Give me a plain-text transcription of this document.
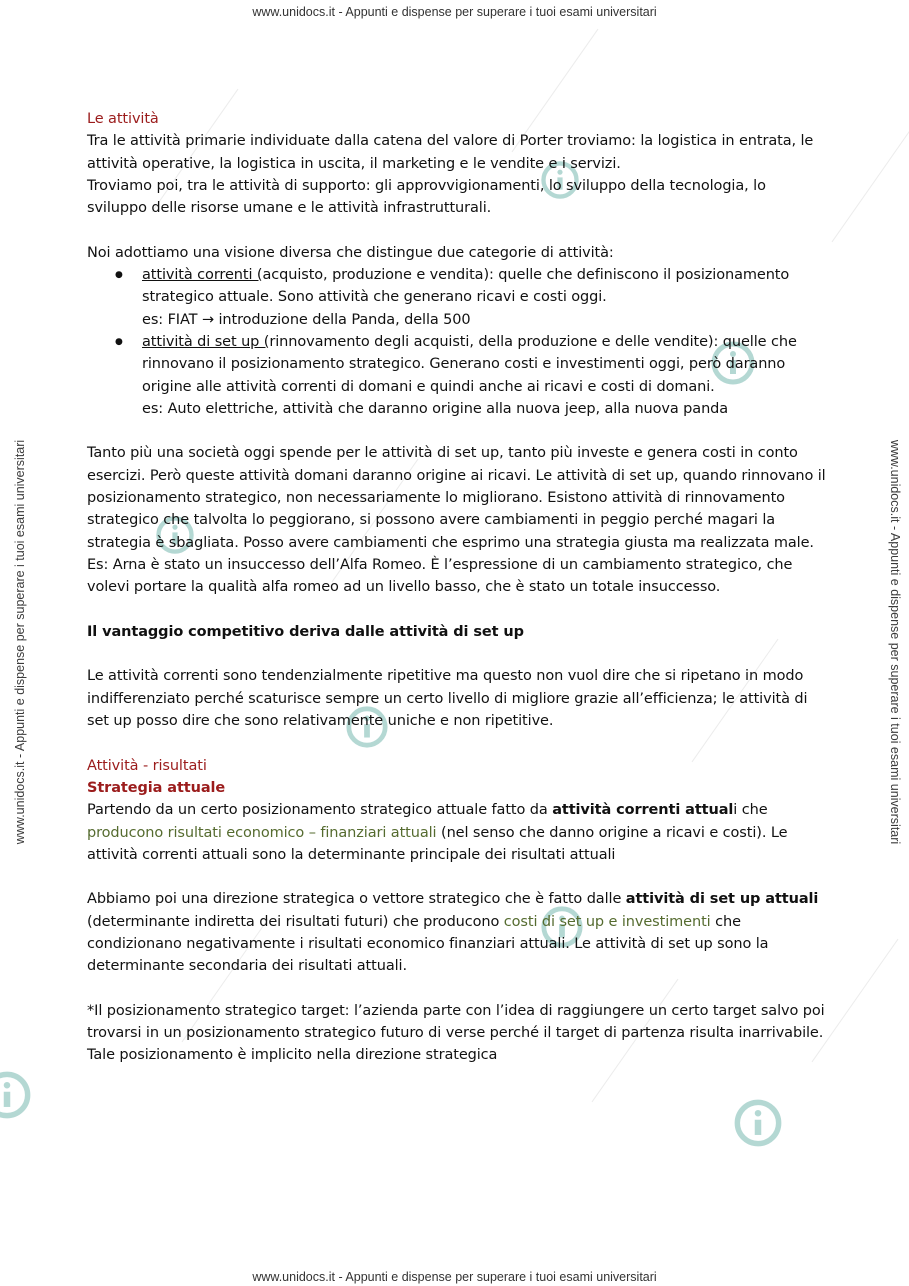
www.unidocs.it - Appunti e dispense per superare i tuoi esami universitari
www.unidocs.it - Appunti e dispense per superare i tuoi esami universitari
www.unidocs.it - Appunti e dispense per superare i tuoi esami universitari	www.unidocs.it - Appunti e dispense per superare i tuoi esami universitari

Le attività

Tra le attività primarie individuate dalla catena del valore di Porter troviamo: la logistica in entrata, le attività operative, la logistica in uscita, il marketing e le vendite e i servizi.

Troviamo poi, tra le attività di supporto: gli approvvigionamenti, lo sviluppo della tecnologia, lo sviluppo delle risorse umane e le attività infrastrutturali.

Noi adottiamo una visione diversa che distingue due categorie di attività:

● attività correnti (acquisto, produzione e vendita): quelle che definiscono il posizionamento strategico attuale. Sono attività che generano ricavi e costi oggi.
es: FIAT → introduzione della Panda, della 500
● attività di set up (rinnovamento degli acquisti, della produzione e delle vendite): quelle che rinnovano il posizionamento strategico. Generano costi e investimenti oggi, però daranno origine alle attività correnti di domani e quindi anche ai ricavi e costi di domani.
es: Auto elettriche, attività che daranno origine alla nuova jeep, alla nuova panda

Tanto più una società oggi spende per le attività di set up, tanto più investe e genera costi in conto esercizi. Però queste attività domani daranno origine ai ricavi. Le attività di set up, quando rinnovano il posizionamento strategico, non necessariamente lo migliorano. Esistono attività di rinnovamento strategico che talvolta lo peggiorano, si possono avere cambiamenti in peggio perché magari la strategia è sbagliata. Posso avere cambiamenti che esprimo una strategia giusta ma realizzata male.

Es: Arna è stato un insuccesso dell’Alfa Romeo. È l’espressione di un cambiamento strategico, che volevi portare la qualità alfa romeo ad un livello basso, che è stato un totale insuccesso.

Il vantaggio competitivo deriva dalle attività di set up

Le attività correnti sono tendenzialmente ripetitive ma questo non vuol dire che si ripetano in modo indifferenziato perché scaturisce sempre un certo livello di migliore grazie all’efficienza; le attività di set up posso dire che sono relativamente uniche e non ripetitive.

Attività - risultati

Strategia attuale

Partendo da un certo posizionamento strategico attuale fatto da attività correnti attuali che producono risultati economico – finanziari attuali (nel senso che danno origine a ricavi e costi). Le attività correnti attuali sono la determinante principale dei risultati attuali

Abbiamo poi una direzione strategica o vettore strategico che è fatto dalle attività di set up attuali (determinante indiretta dei risultati futuri) che producono costi di set up e investimenti che condizionano negativamente i risultati economico finanziari attuali. Le attività di set up sono la determinante secondaria dei risultati attuali.

*Il posizionamento strategico target: l’azienda parte con l’idea di raggiungere un certo target salvo poi trovarsi in un posizionamento strategico futuro di verse perché il target di partenza risulta inarrivabile. Tale posizionamento è implicito nella direzione strategica
